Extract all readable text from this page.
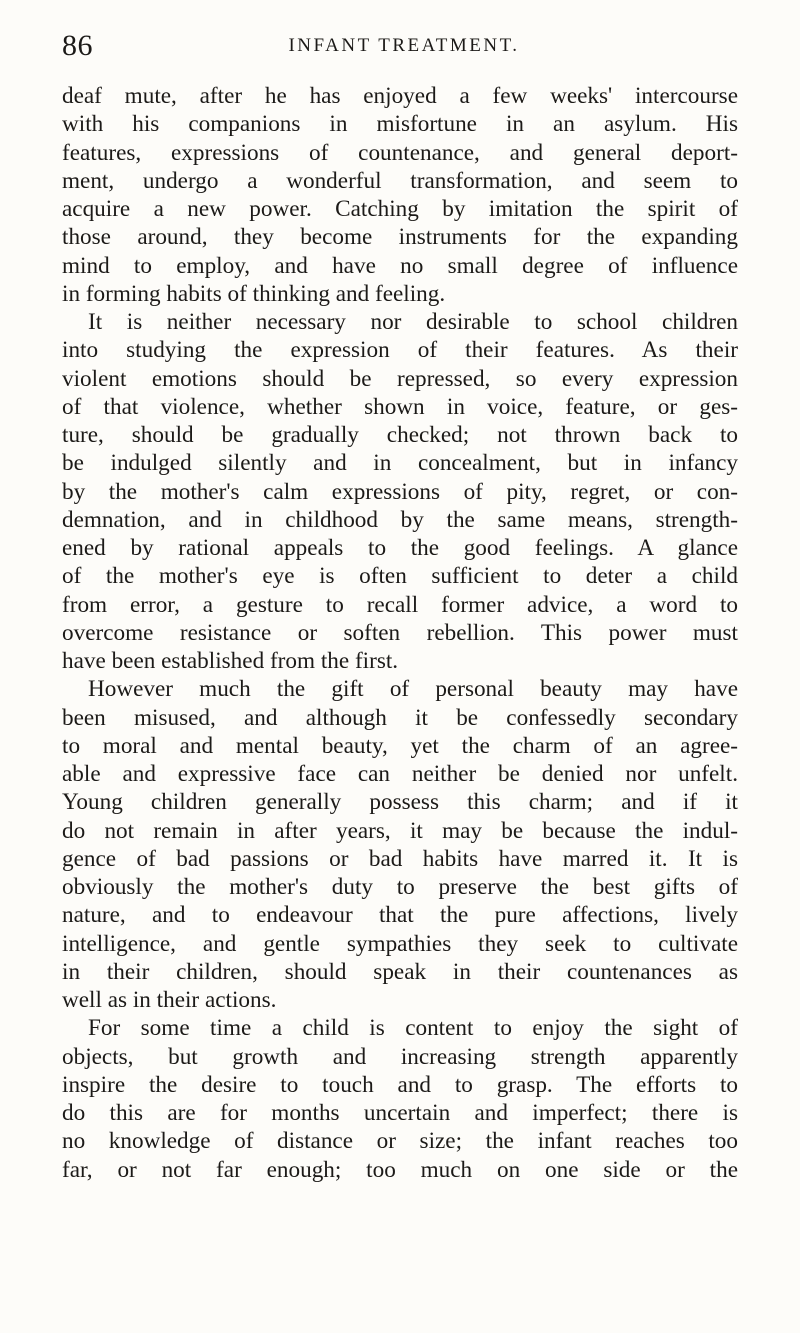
86	INFANT TREATMENT.
deaf mute, after he has enjoyed a few weeks' intercourse
with his companions in misfortune in an asylum. His
features, expressions of countenance, and general deport-
ment, undergo a wonderful transformation, and seem to
acquire a new power. Catching by imitation the spirit of
those around, they become instruments for the expanding
mind to employ, and have no small degree of influence
in forming habits of thinking and feeling.
It is neither necessary nor desirable to school children
into studying the expression of their features. As their
violent emotions should be repressed, so every expression
of that violence, whether shown in voice, feature, or ges-
ture, should be gradually checked; not thrown back to
be indulged silently and in concealment, but in infancy
by the mother's calm expressions of pity, regret, or con-
demnation, and in childhood by the same means, strength-
ened by rational appeals to the good feelings. A glance
of the mother's eye is often sufficient to deter a child
from error, a gesture to recall former advice, a word to
overcome resistance or soften rebellion. This power must
have been established from the first.
However much the gift of personal beauty may have
been misused, and although it be confessedly secondary
to moral and mental beauty, yet the charm of an agree-
able and expressive face can neither be denied nor unfelt.
Young children generally possess this charm; and if it
do not remain in after years, it may be because the indul-
gence of bad passions or bad habits have marred it. It is
obviously the mother's duty to preserve the best gifts of
nature, and to endeavour that the pure affections, lively
intelligence, and gentle sympathies they seek to cultivate
in their children, should speak in their countenances as
well as in their actions.
For some time a child is content to enjoy the sight of
objects, but growth and increasing strength apparently
inspire the desire to touch and to grasp. The efforts to
do this are for months uncertain and imperfect; there is
no knowledge of distance or size; the infant reaches too
far, or not far enough; too much on one side or the
